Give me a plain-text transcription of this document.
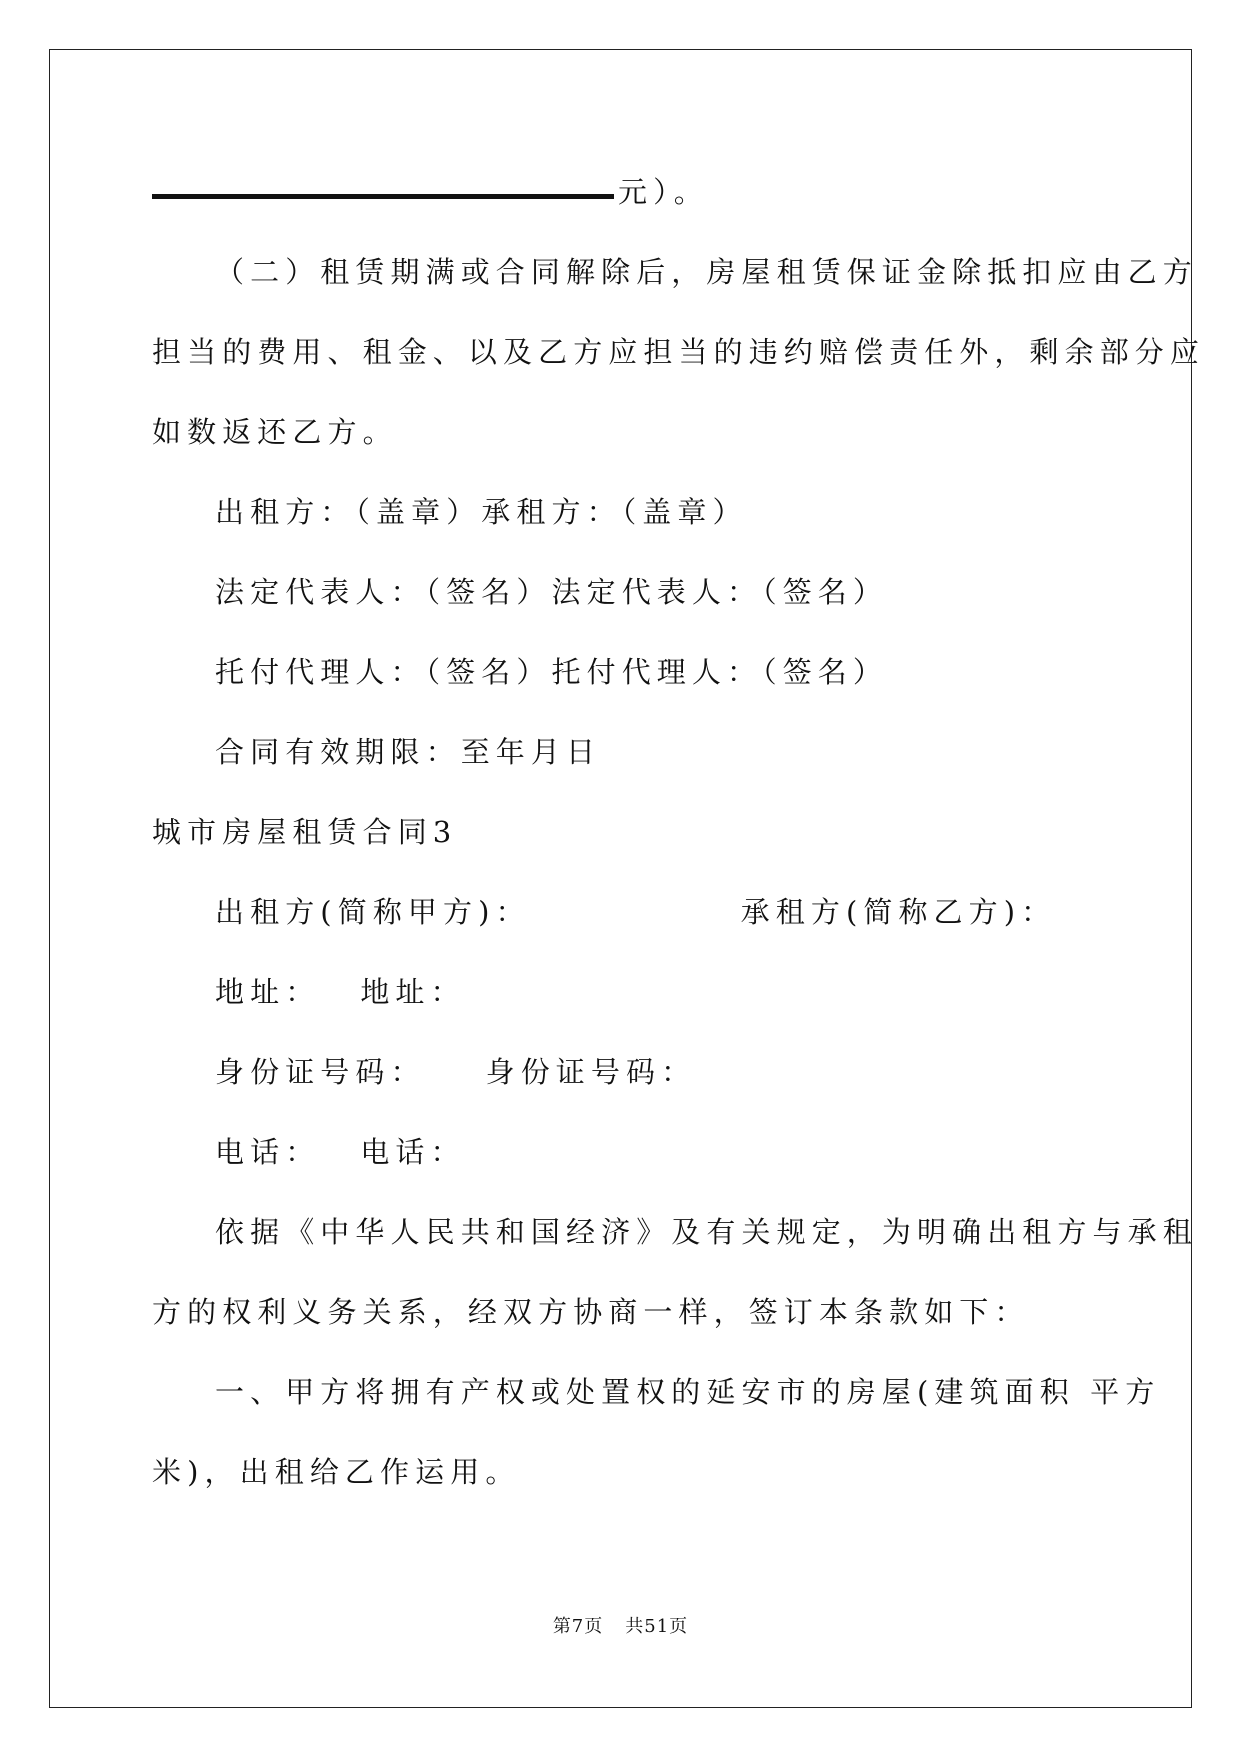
元）。
（二）租赁期满或合同解除后，房屋租赁保证金除抵扣应由乙方
担当的费用、租金、以及乙方应担当的违约赔偿责任外，剩余部分应
如数返还乙方。
出租方：（盖章）承租方：（盖章）
法定代表人：（签名）法定代表人：（签名）
托付代理人：（签名）托付代理人：（签名）
合同有效期限：至年月日
城市房屋租赁合同3
出租方(简称甲方)：	承租方(简称乙方)：
地址： 地址：
身份证号码： 身份证号码：
电话： 电话：
依据《中华人民共和国经济》及有关规定，为明确出租方与承租
方的权利义务关系，经双方协商一样，签订本条款如下：
一、甲方将拥有产权或处置权的延安市的房屋(建筑面积 平方
米)，出租给乙作运用。
第7页 共51页
